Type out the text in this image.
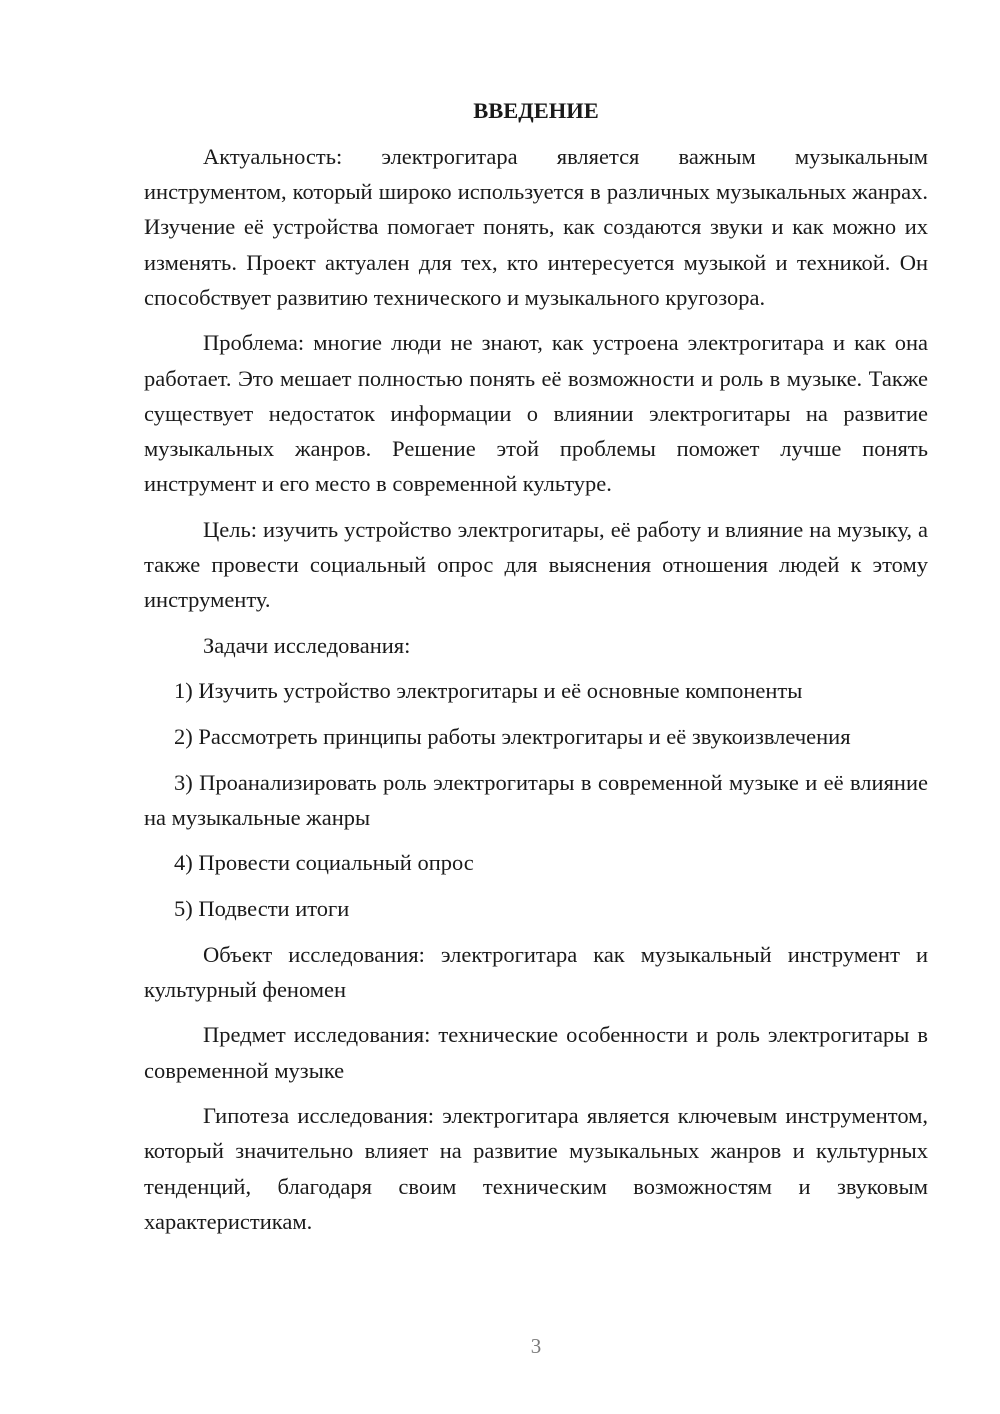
ВВЕДЕНИЕ
Актуальность: электрогитара является важным музыкальным инструментом, который широко используется в различных музыкальных жанрах. Изучение её устройства помогает понять, как создаются звуки и как можно их изменять. Проект актуален для тех, кто интересуется музыкой и техникой. Он способствует развитию технического и музыкального кругозора.
Проблема: многие люди не знают, как устроена электрогитара и как она работает. Это мешает полностью понять её возможности и роль в музыке. Также существует недостаток информации о влиянии электрогитары на развитие музыкальных жанров. Решение этой проблемы поможет лучше понять инструмент и его место в современной культуре.
Цель: изучить устройство электрогитары, её работу и влияние на музыку, а также провести социальный опрос для выяснения отношения людей к этому инструменту.
Задачи исследования:
1) Изучить устройство электрогитары и её основные компоненты
2) Рассмотреть принципы работы электрогитары и её звукоизвлечения
3) Проанализировать роль электрогитары в современной музыке и её влияние на музыкальные жанры
4) Провести социальный опрос
5) Подвести итоги
Объект исследования: электрогитара как музыкальный инструмент и культурный феномен
Предмет исследования: технические особенности и роль электрогитары в современной музыке
Гипотеза исследования: электрогитара является ключевым инструментом, который значительно влияет на развитие музыкальных жанров и культурных тенденций, благодаря своим техническим возможностям и звуковым характеристикам.
3
